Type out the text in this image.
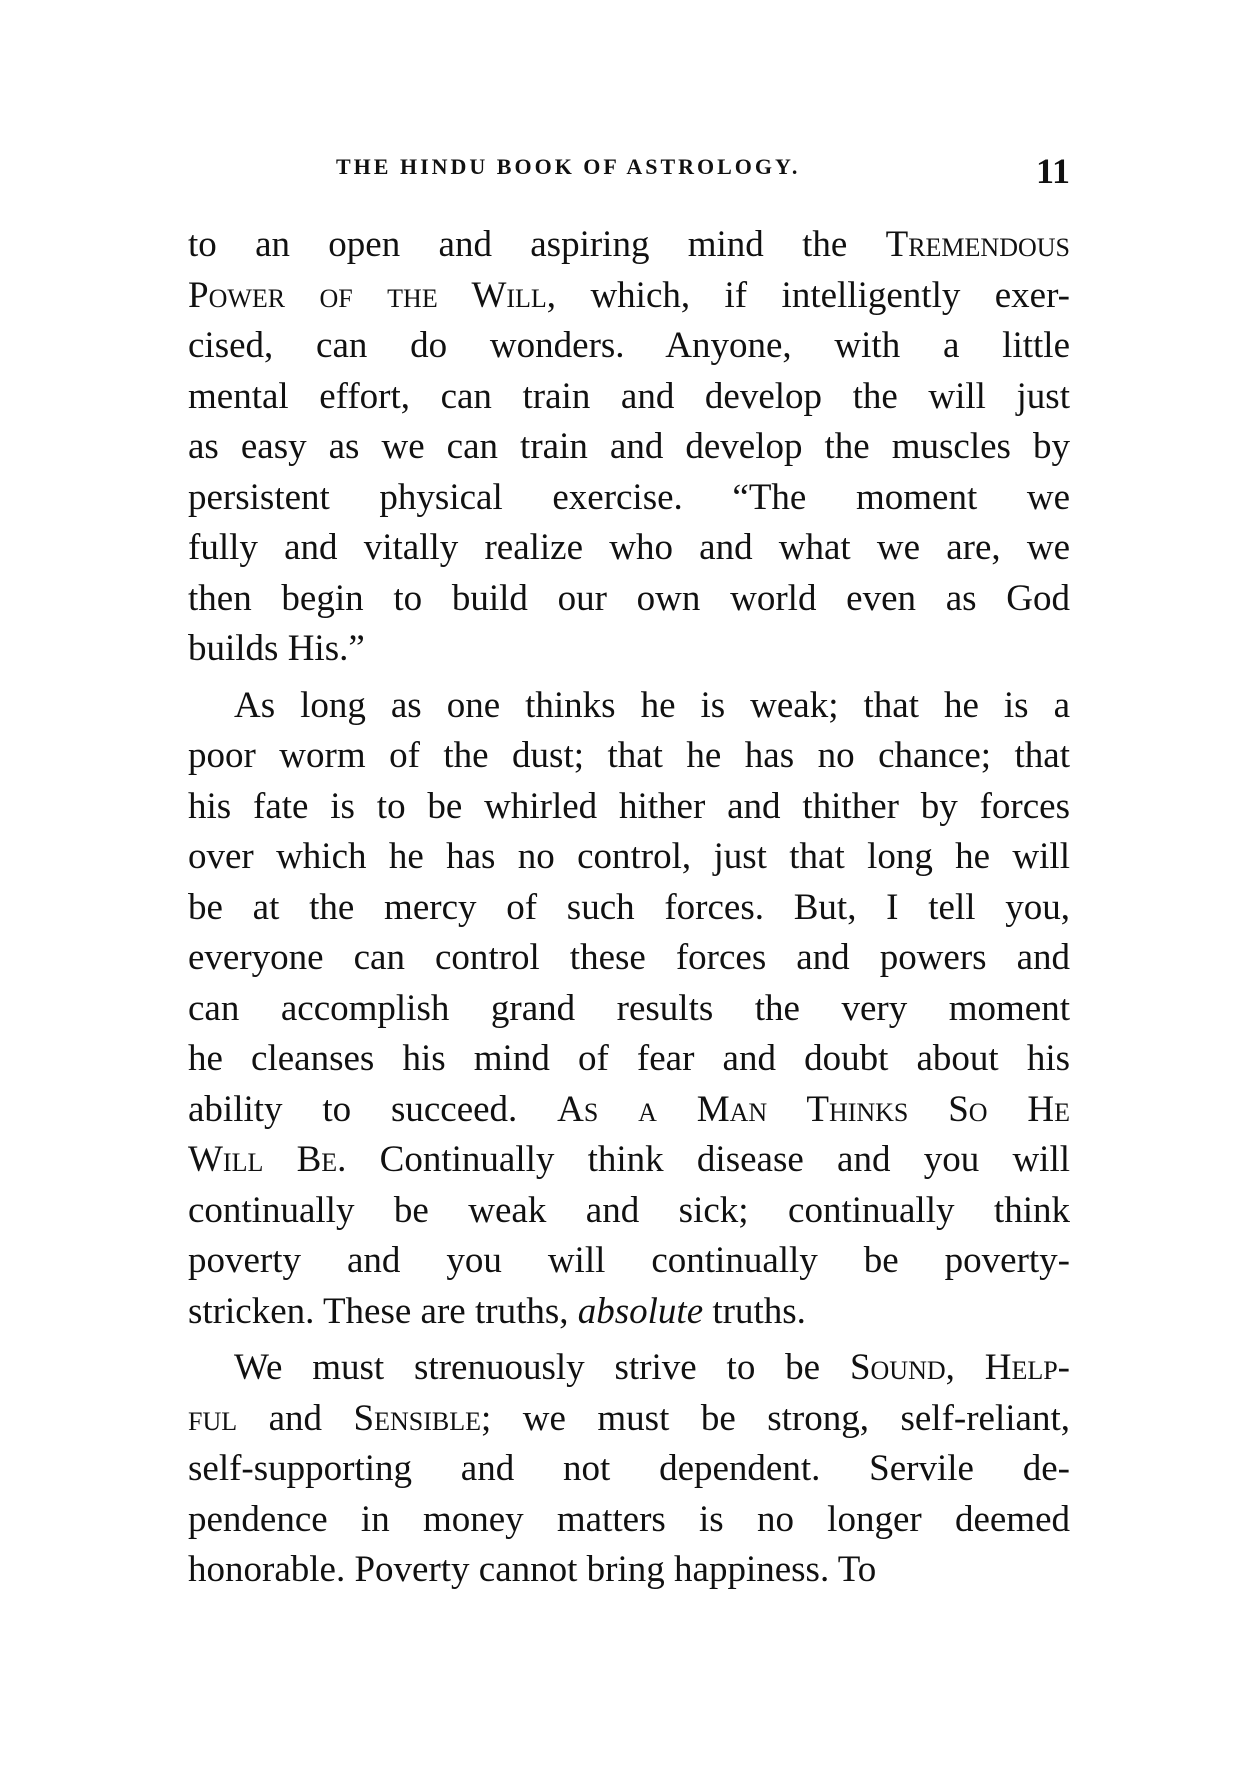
THE HINDU BOOK OF ASTROLOGY.	11
to an open and aspiring mind the Tremendous
Power of the Will, which, if intelligently exer-
cised, can do wonders. Anyone, with a little
mental effort, can train and develop the will just
as easy as we can train and develop the muscles by
persistent physical exercise. “The moment we
fully and vitally realize who and what we are, we
then begin to build our own world even as God
builds His.”
As long as one thinks he is weak; that he is a
poor worm of the dust; that he has no chance; that
his fate is to be whirled hither and thither by forces
over which he has no control, just that long he will
be at the mercy of such forces. But, I tell you,
everyone can control these forces and powers and
can accomplish grand results the very moment
he cleanses his mind of fear and doubt about his
ability to succeed. As a Man Thinks So He
Will Be. Continually think disease and you will
continually be weak and sick; continually think
poverty and you will continually be poverty-
stricken. These are truths, absolute truths.
We must strenuously strive to be Sound, Help-
ful and Sensible; we must be strong, self-reliant,
self-supporting and not dependent. Servile de-
pendence in money matters is no longer deemed
honorable. Poverty cannot bring happiness. To
